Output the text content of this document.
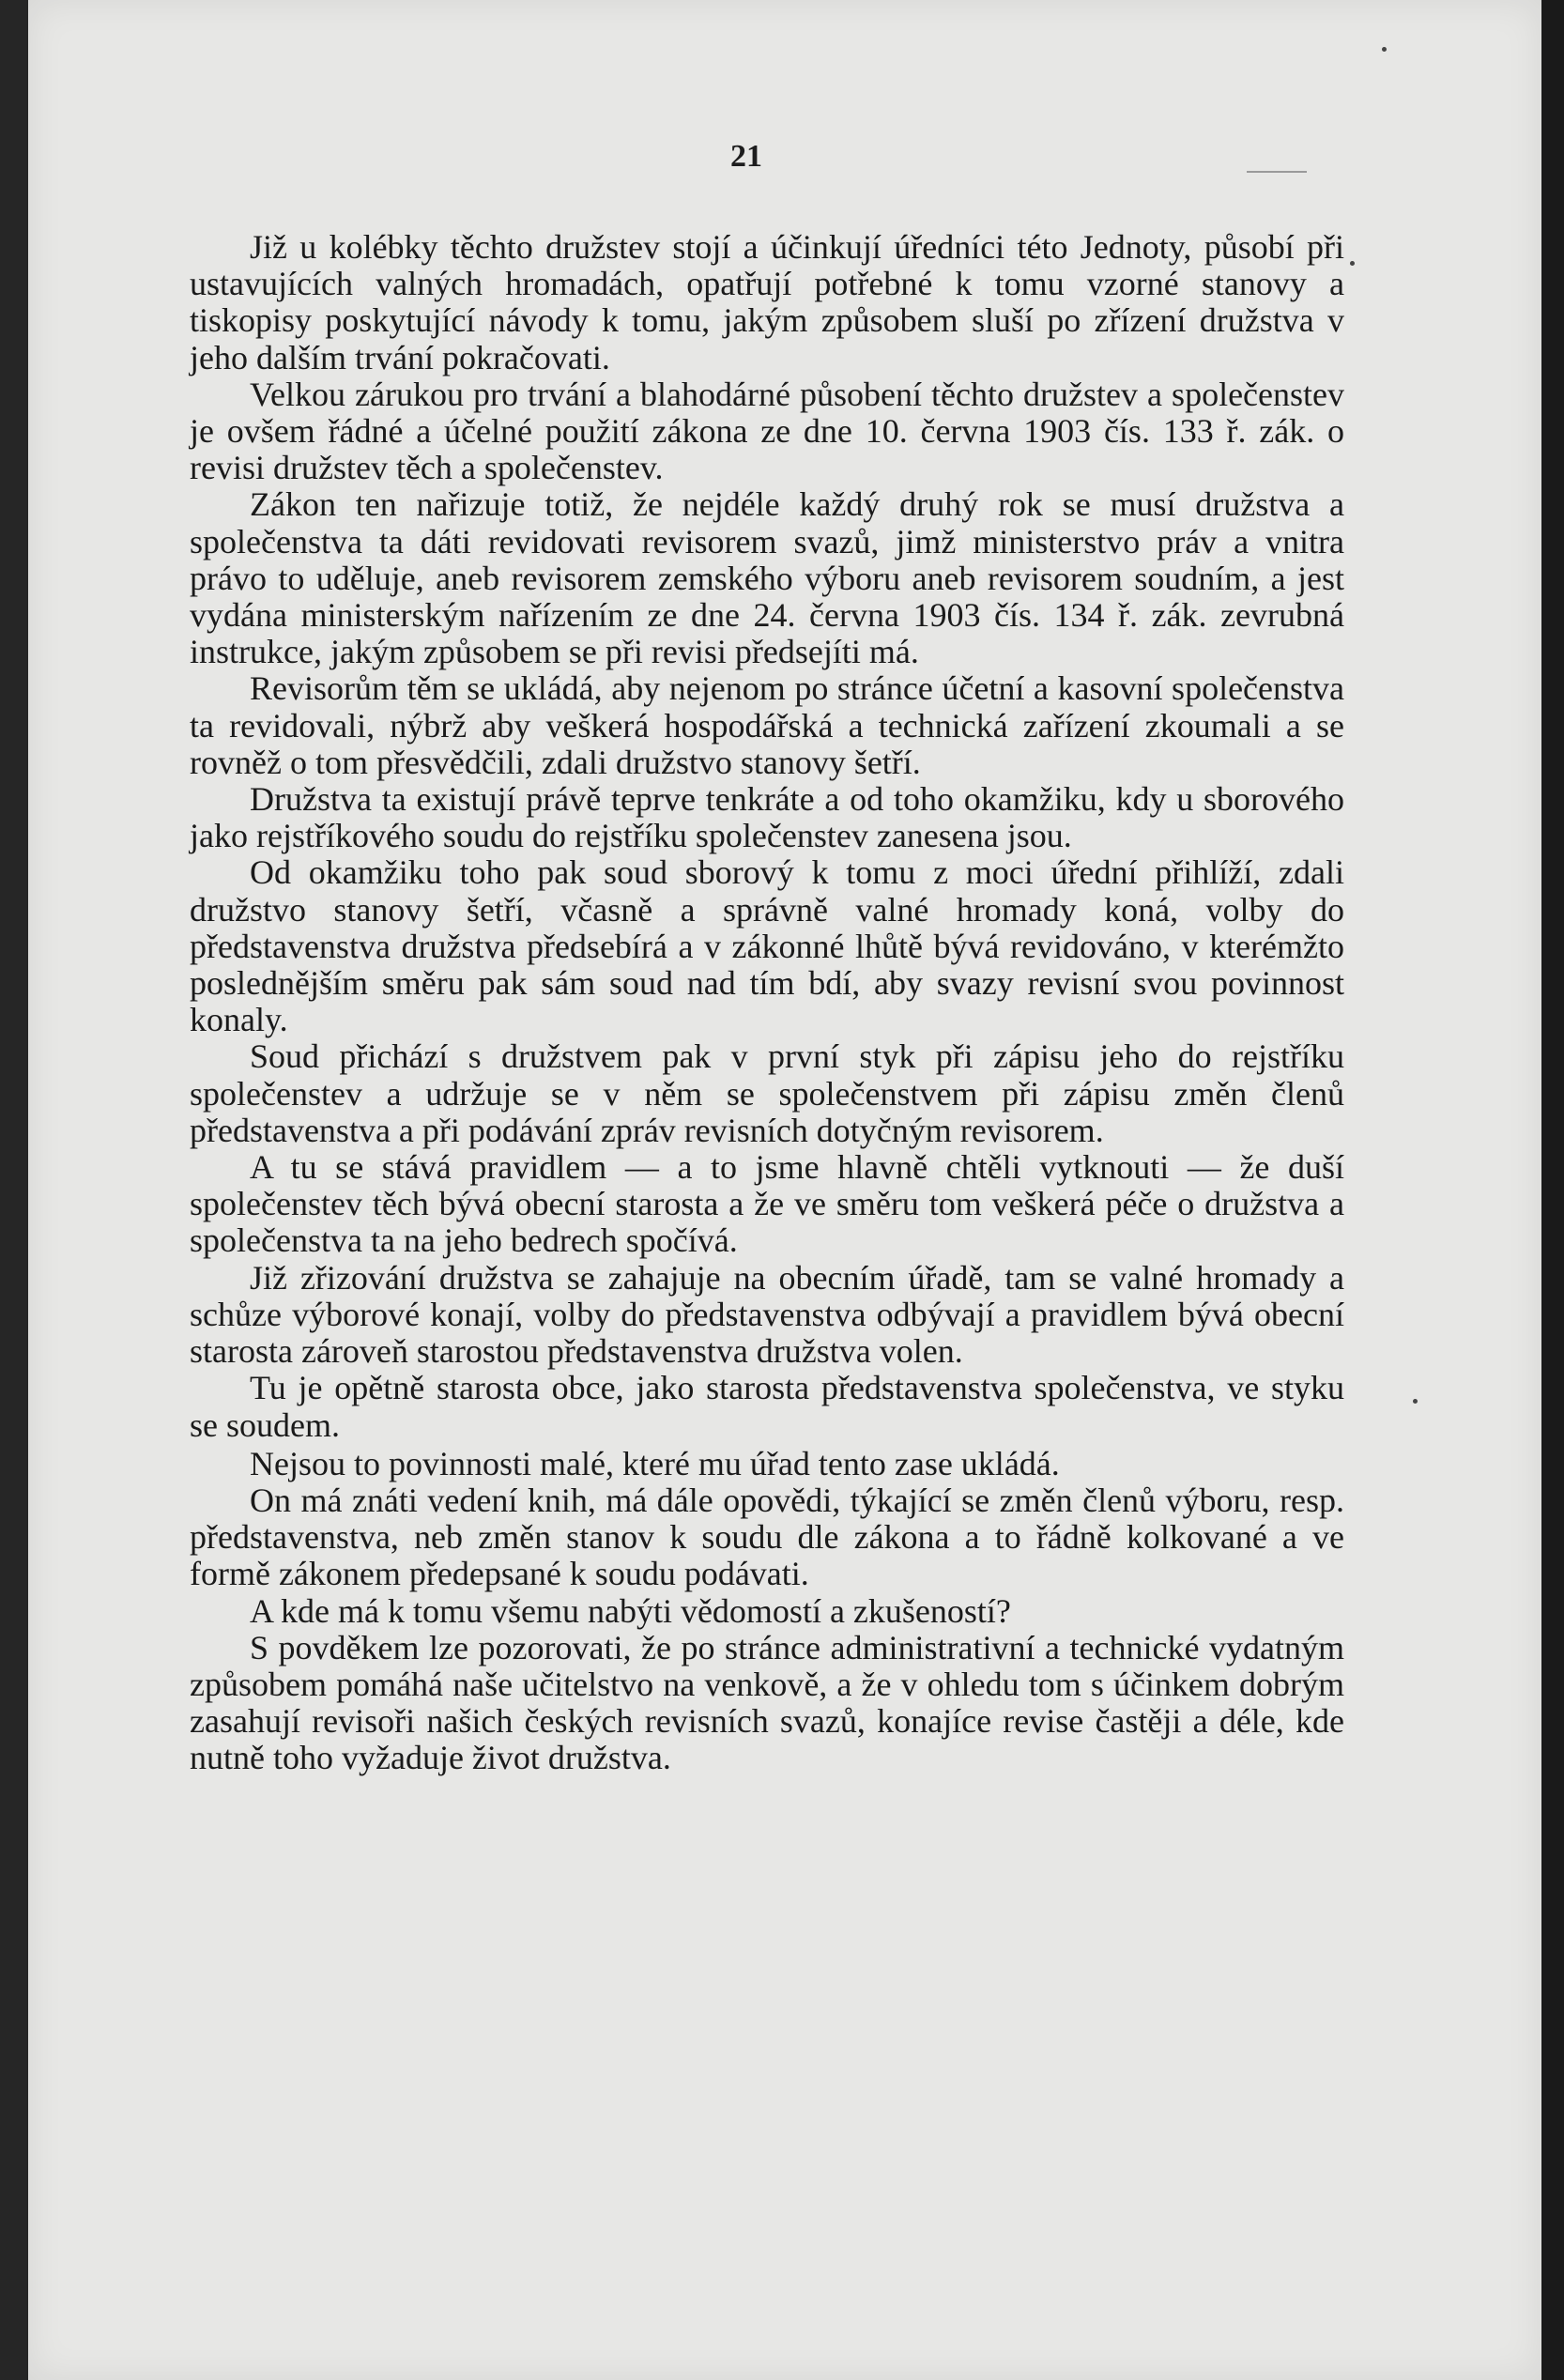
21

Již u kolébky těchto družstev stojí a účinkují úředníci této Jednoty, působí při ustavujících valných hromadách, opatřují potřebné k tomu vzorné stanovy a tiskopisy poskytující návody k tomu, jakým způsobem sluší po zřízení družstva v jeho dalším trvání pokračovati.

Velkou zárukou pro trvání a blahodárné působení těchto družstev a společenstev je ovšem řádné a účelné použití zákona ze dne 10. června 1903 čís. 133 ř. zák. o revisi družstev těch a společenstev.

Zákon ten nařizuje totiž, že nejdéle každý druhý rok se musí družstva a společenstva ta dáti revidovati revisorem svazů, jimž ministerstvo práv a vnitra právo to uděluje, aneb revisorem zemského výboru aneb revisorem soudním, a jest vydána ministerským nařízením ze dne 24. června 1903 čís. 134 ř. zák. zevrubná instrukce, jakým způsobem se při revisi předsejíti má.

Revisorům těm se ukládá, aby nejenom po stránce účetní a kasovní společenstva ta revidovali, nýbrž aby veškerá hospodářská a technická zařízení zkoumali a se rovněž o tom přesvědčili, zdali družstvo stanovy šetří.

Družstva ta existují právě teprve tenkráte a od toho okamžiku, kdy u sborového jako rejstříkového soudu do rejstříku společenstev zanesena jsou.

Od okamžiku toho pak soud sborový k tomu z moci úřední přihlíží, zdali družstvo stanovy šetří, včasně a správně valné hromady koná, volby do představenstva družstva předsebírá a v zákonné lhůtě bývá revidováno, v kterémžto poslednějším směru pak sám soud nad tím bdí, aby svazy revisní svou povinnost konaly.

Soud přichází s družstvem pak v první styk při zápisu jeho do rejstříku společenstev a udržuje se v něm se společenstvem při zápisu změn členů představenstva a při podávání zpráv revisních dotyčným revisorem.

A tu se stává pravidlem — a to jsme hlavně chtěli vytknouti — že duší společenstev těch bývá obecní starosta a že ve směru tom veškerá péče o družstva a společenstva ta na jeho bedrech spočívá.

Již zřizování družstva se zahajuje na obecním úřadě, tam se valné hromady a schůze výborové konají, volby do představenstva odbývají a pravidlem bývá obecní starosta zároveň starostou představenstva družstva volen.

Tu je opětně starosta obce, jako starosta představenstva společenstva, ve styku se soudem.

Nejsou to povinnosti malé, které mu úřad tento zase ukládá.

On má znáti vedení knih, má dále opovědi, týkající se změn členů výboru, resp. představenstva, neb změn stanov k soudu dle zákona a to řádně kolkované a ve formě zákonem předepsané k soudu podávati.

A kde má k tomu všemu nabýti vědomostí a zkušeností?

S povděkem lze pozorovati, že po stránce administrativní a technické vydatným způsobem pomáhá naše učitelstvo na venkově, a že v ohledu tom s účinkem dobrým zasahují revisoři našich českých revisních svazů, konajíce revise častěji a déle, kde nutně toho vyžaduje život družstva.
